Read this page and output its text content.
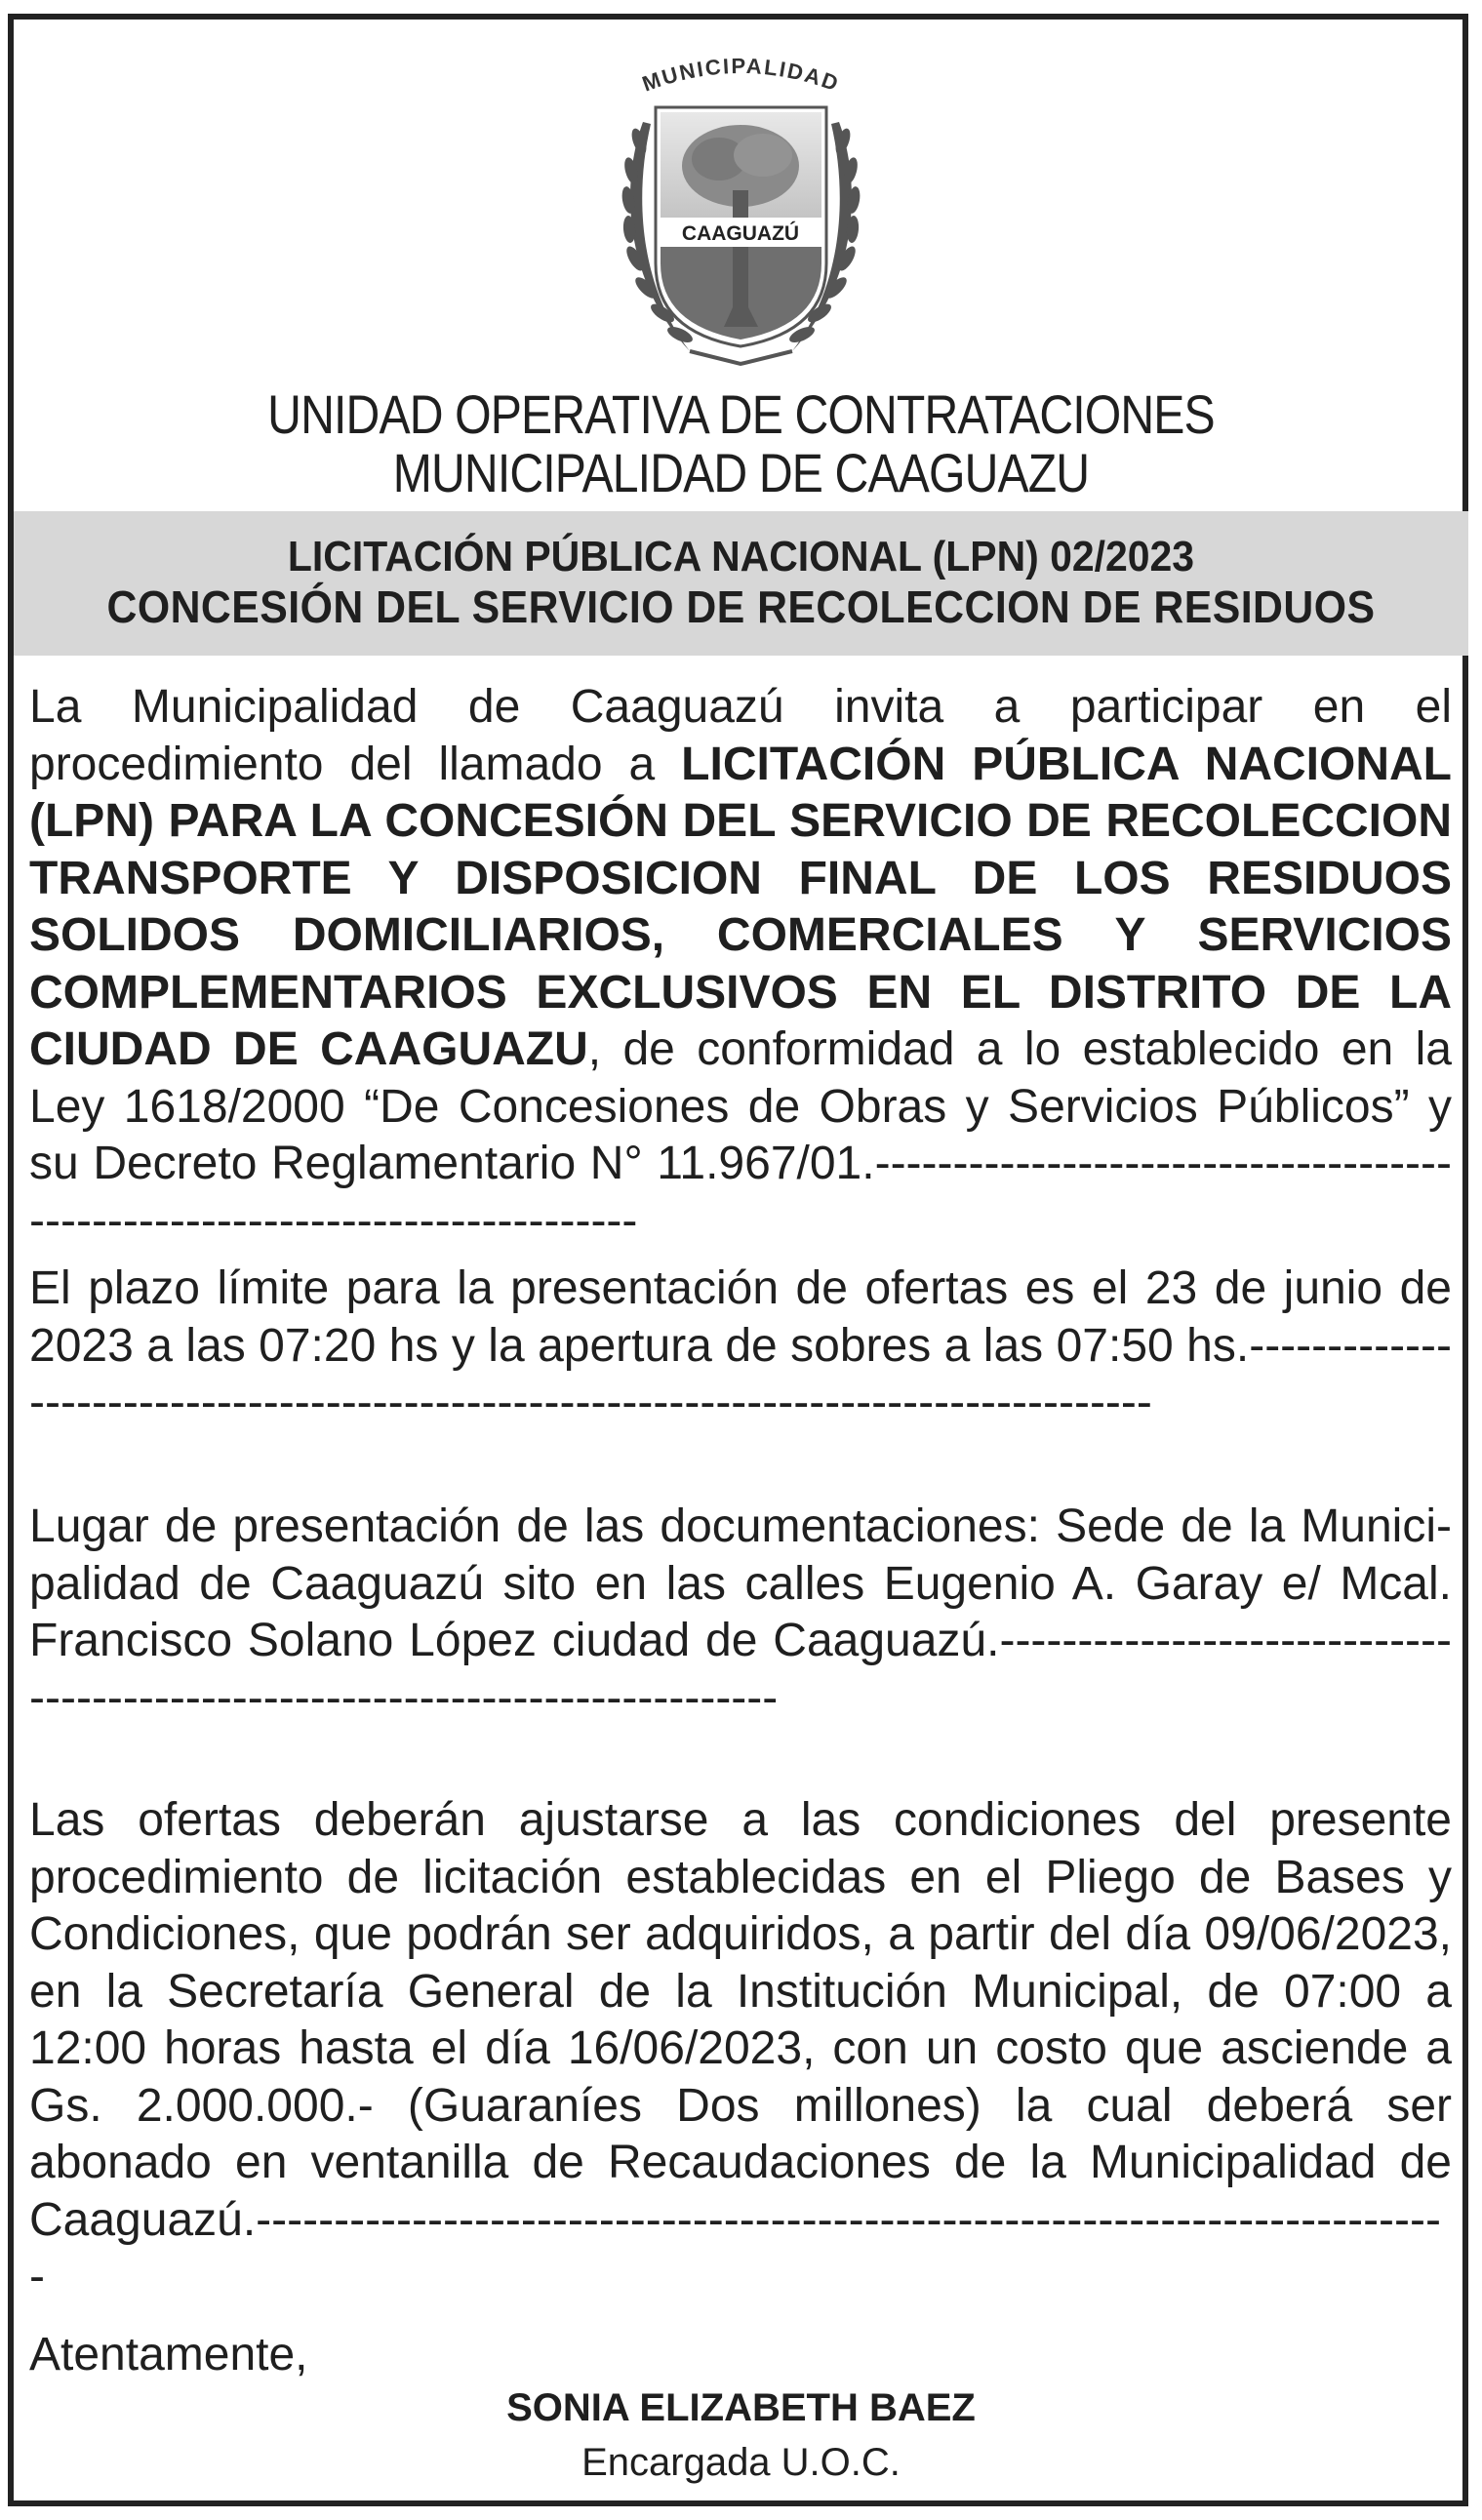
MUNICIPALIDAD
CAAGUAZÚ
UNIDAD OPERATIVA DE CONTRATACIONES
MUNICIPALIDAD DE CAAGUAZU
LICITACIÓN PÚBLICA NACIONAL (LPN) 02/2023
CONCESIÓN DEL SERVICIO DE RECOLECCION DE RESIDUOS
La Municipalidad de Caaguazú invita a participar en el procedimiento del llamado a LICITACIÓN PÚBLICA NACIONAL (LPN) PARA LA CONCESIÓN DEL SERVICIO DE RECOLECCION TRANSPORTE Y DISPOSICION FINAL DE LOS RESIDUOS SOLIDOS DOMICILIARIOS, COMERCIALES Y SERVICIOS COMPLEMENTARIOS EXCLUSIVOS EN EL DISTRITO DE LA CIUDAD DE CAAGUAZU, de conformidad a lo establecido en la Ley 1618/2000 “De Concesiones de Obras y Servicios Públicos” y su Decreto Reglamentario N° 11.967/01.----------------------------------------------------------------------------
El plazo límite para la presentación de ofertas es el 23 de junio de 2023 a las 07:20 hs y la apertura de sobres a las 07:50 hs.-------------------------------------------------------------------------------------
Lugar de presentación de las documentaciones: Sede de la Municipalidad de Caaguazú sito en las calles Eugenio A. Garay e/ Mcal. Francisco Solano López ciudad de Caaguazú.-----------------------------------------------------------------------------
Las ofertas deberán ajustarse a las condiciones del presente procedimiento de licitación establecidas en el Pliego de Bases y Condiciones, que podrán ser adquiridos, a partir del día 09/06/2023, en la Secretaría General de la Institución Municipal, de 07:00 a 12:00 horas hasta el día 16/06/2023, con un costo que asciende a Gs. 2.000.000.- (Guaraníes Dos millones) la cual deberá ser abonado en ventanilla de Recaudaciones de la Municipalidad de Caaguazú.-----------------------------------------------------------------------------
Atentamente,
SONIA ELIZABETH BAEZ
Encargada U.O.C.
